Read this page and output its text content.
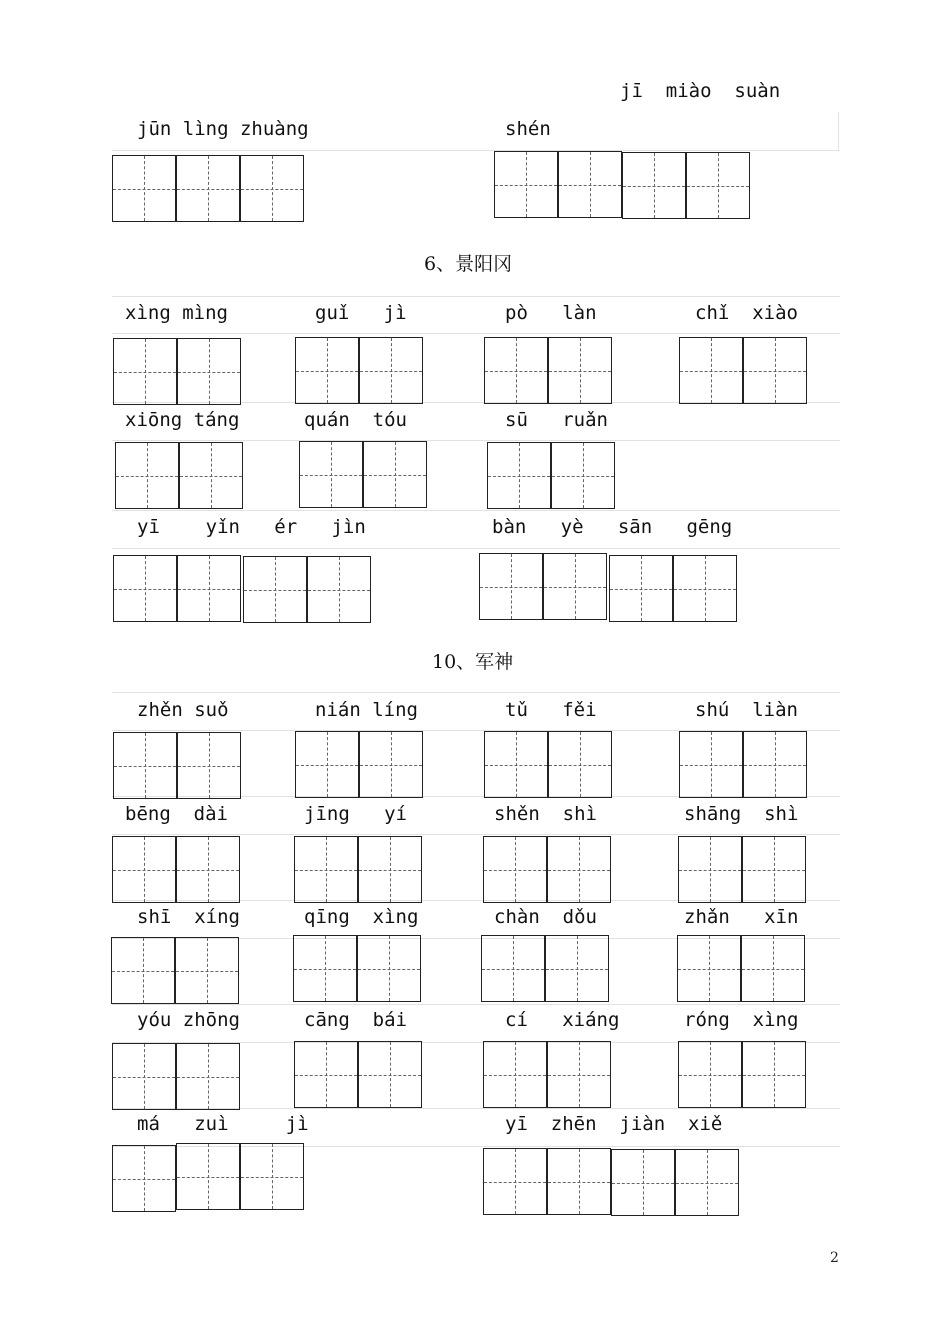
jī  miào  suàn
jūn lìng zhuàng	shén
6、景阳冈
xìng mìng	guǐ   jì	pò   làn	chǐ  xiào
xiōng táng	quán  tóu	sū   ruǎn
yī    yǐn   ér   jìn	bàn   yè   sān   gēng
10、军神
zhěn suǒ	nián líng	tǔ   fěi	shú  liàn
bēng  dài	jīng   yí	shěn  shì	shāng  shì
shī  xíng	qīng  xìng	chàn  dǒu	zhǎn   xīn
yóu zhōng	cāng  bái	cí   xiáng	róng  xìng
má   zuì     jì	yī  zhēn  jiàn  xiě
2
